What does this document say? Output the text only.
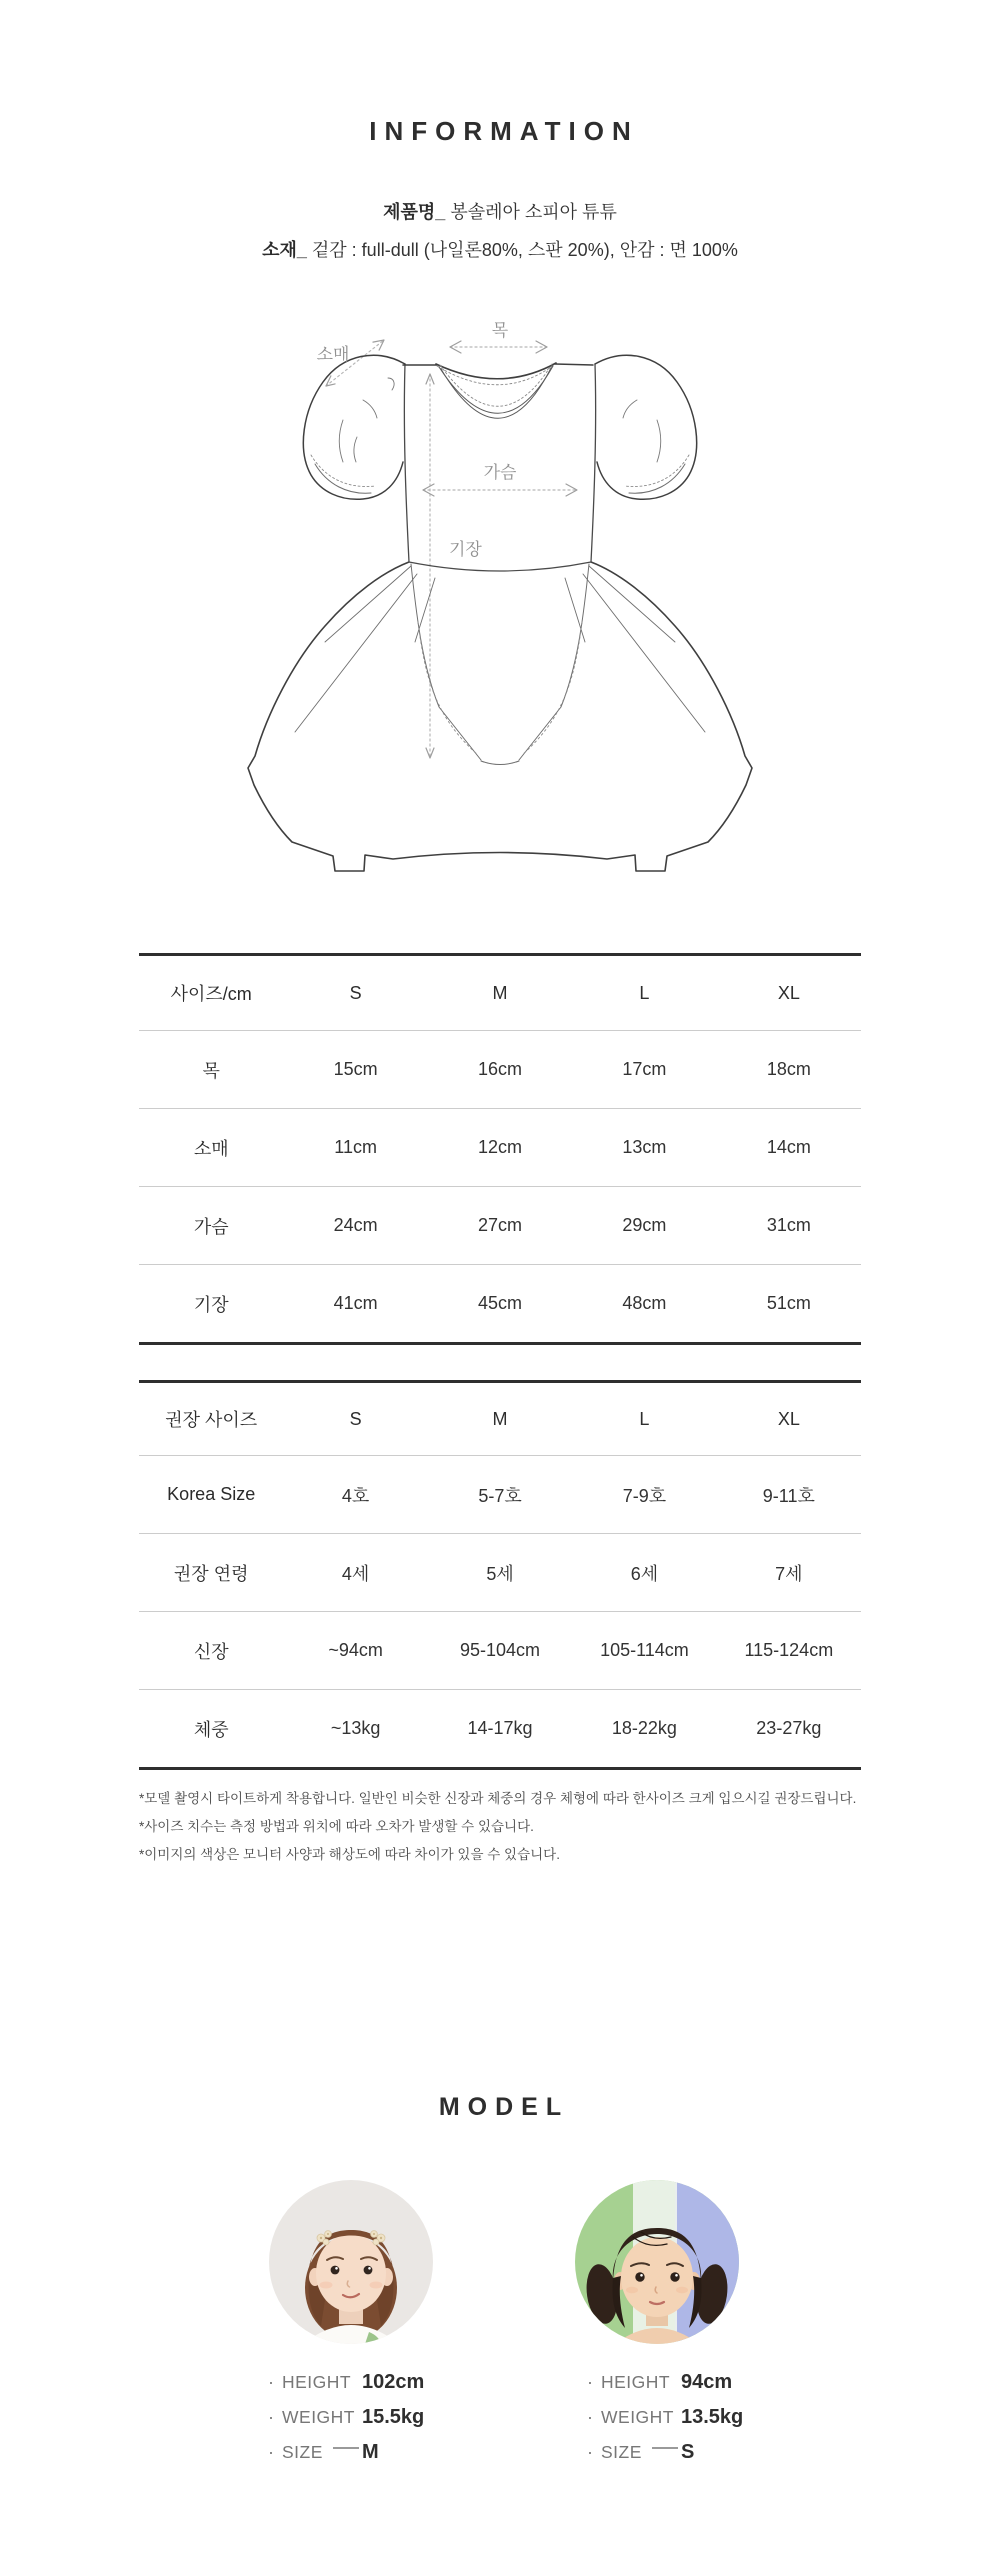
INFORMATION
제품명_ 봉솔레아 소피아 튜튜
소재_ 겉감 : full-dull (나일론80%, 스판 20%), 안감 : 면 100%
목
소매
가슴
기장
사이즈/cm	S	M	L	XL
목	15cm	16cm	17cm	18cm
소매	11cm	12cm	13cm	14cm
가슴	24cm	27cm	29cm	31cm
기장	41cm	45cm	48cm	51cm
권장 사이즈	S	M	L	XL
Korea Size	4호	5-7호	7-9호	9-11호
권장 연령	4세	5세	6세	7세
신장	~94cm	95-104cm	105-114cm	115-124cm
체중	~13kg	14-17kg	18-22kg	23-27kg

*모델 촬영시 타이트하게 착용합니다. 일반인 비슷한 신장과 체중의 경우 체형에 따라 한사이즈 크게 입으시길 권장드립니다.

*사이즈 치수는 측정 방법과 위치에 따라 오차가 발생할 수 있습니다.

*이미지의 색상은 모니터 사양과 해상도에 따라 차이가 있을 수 있습니다.

MODEL
· HEIGHT 102cm
· WEIGHT 15.5kg
· SIZE M
· HEIGHT 94cm
· WEIGHT 13.5kg
· SIZE S
